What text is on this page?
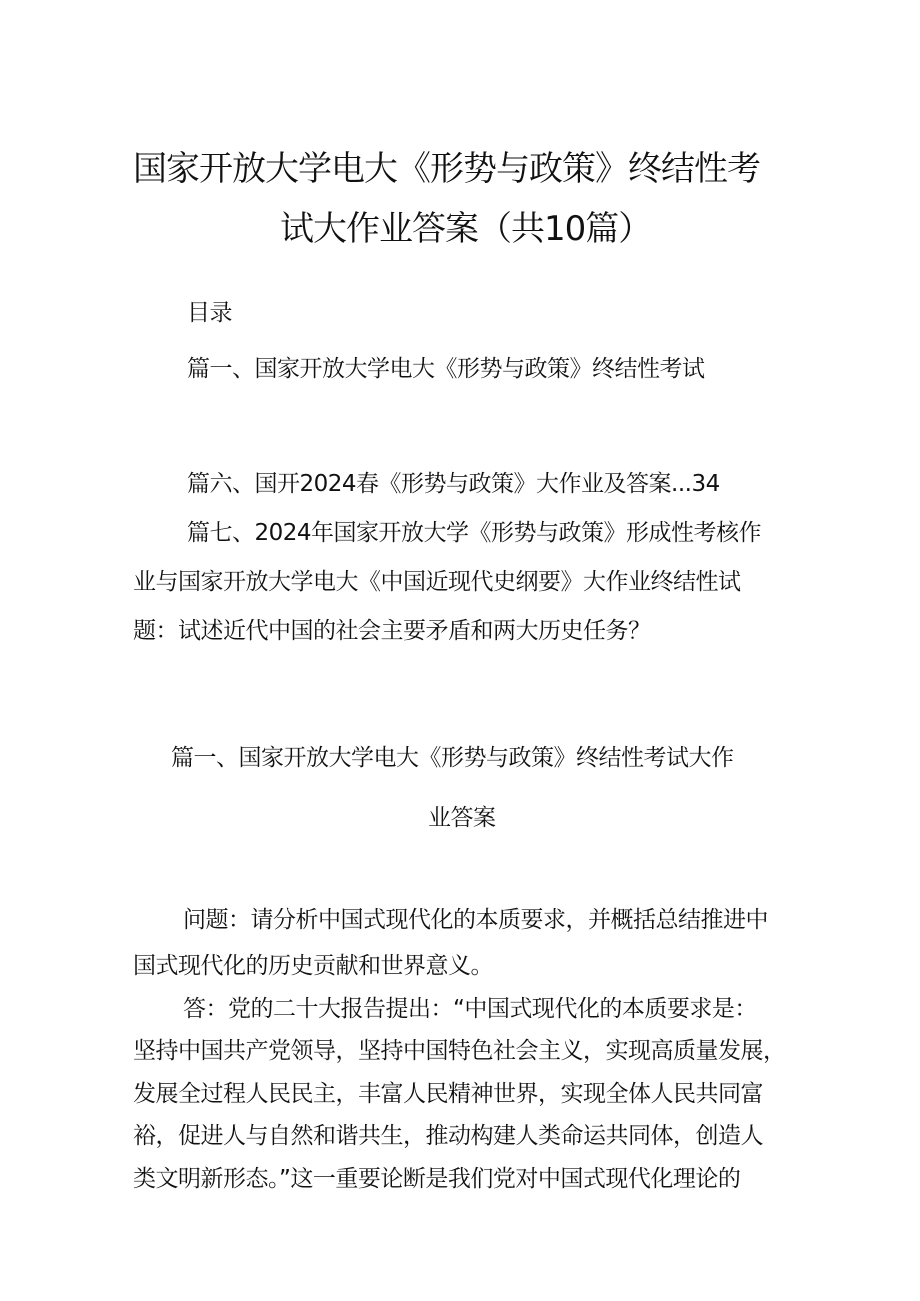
国家开放大学电大《形势与政策》终结性考
试大作业答案（共10篇）
目录
篇一、国家开放大学电大《形势与政策》终结性考试
篇六、国开2024春《形势与政策》大作业及答案...34
篇七、2024年国家开放大学《形势与政策》形成性考核作
业与国家开放大学电大《中国近现代史纲要》大作业终结性试
题：试述近代中国的社会主要矛盾和两大历史任务？
篇一、国家开放大学电大《形势与政策》终结性考试大作
业答案
问题：请分析中国式现代化的本质要求，并概括总结推进中
国式现代化的历史贡献和世界意义。
答：党的二十大报告提出：“中国式现代化的本质要求是：
坚持中国共产党领导，坚持中国特色社会主义，实现高质量发展，
发展全过程人民民主，丰富人民精神世界，实现全体人民共同富
裕，促进人与自然和谐共生，推动构建人类命运共同体，创造人
类文明新形态。”这一重要论断是我们党对中国式现代化理论的
